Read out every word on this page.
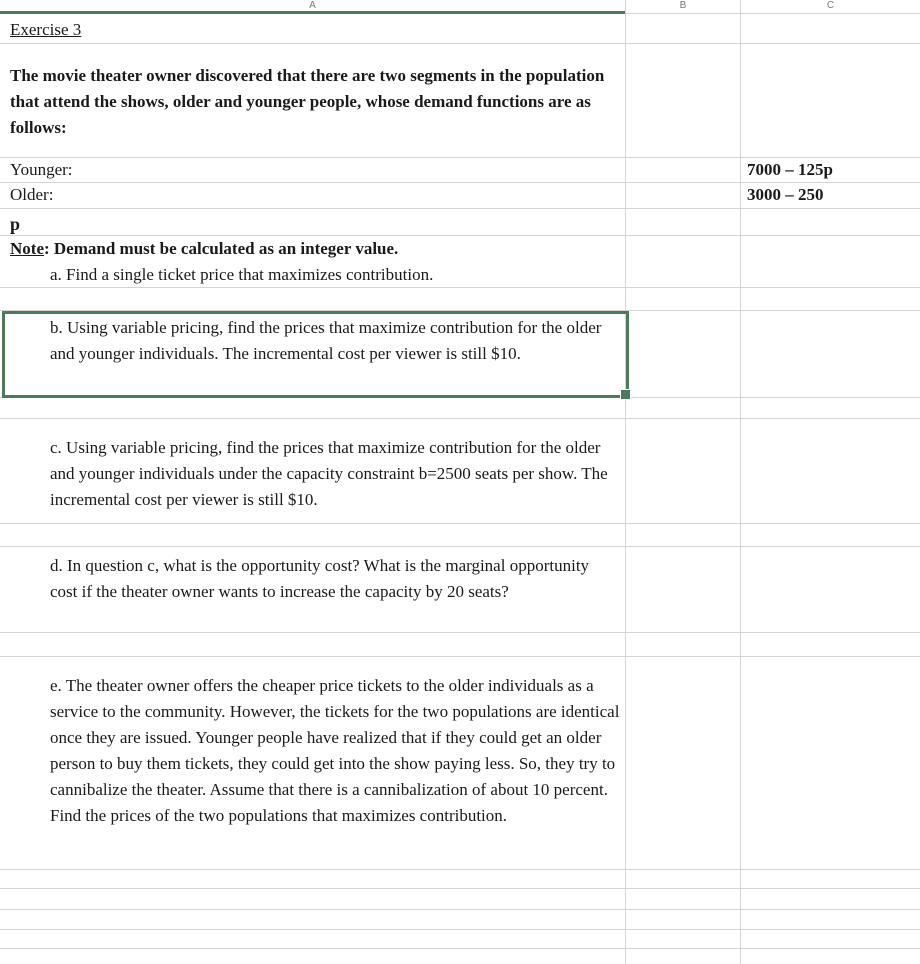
A	B	C
Exercise 3
The movie theater owner discovered that there are two segments in the population that attend the shows, older and younger people, whose demand functions are as follows:
Younger:
Older:
p
Note: Demand must be calculated as an integer value.
a. Find a single ticket price that maximizes contribution.
b. Using variable pricing, find the prices that maximize contribution for the older and younger individuals. The incremental cost per viewer is still $10.
c. Using variable pricing, find the prices that maximize contribution for the older and younger individuals under the capacity constraint b=2500 seats per show. The incremental cost per viewer is still $10.
d. In question c, what is the opportunity cost? What is the marginal opportunity cost if the theater owner wants to increase the capacity by 20 seats?
e. The theater owner offers the cheaper price tickets to the older individuals as a service to the community. However, the tickets for the two populations are identical once they are issued. Younger people have realized that if they could get an older person to buy them tickets, they could get into the show paying less. So, they try to cannibalize the theater. Assume that there is a cannibalization of about 10 percent. Find the prices of the two populations that maximizes contribution.
7000 – 125p
3000 – 250
